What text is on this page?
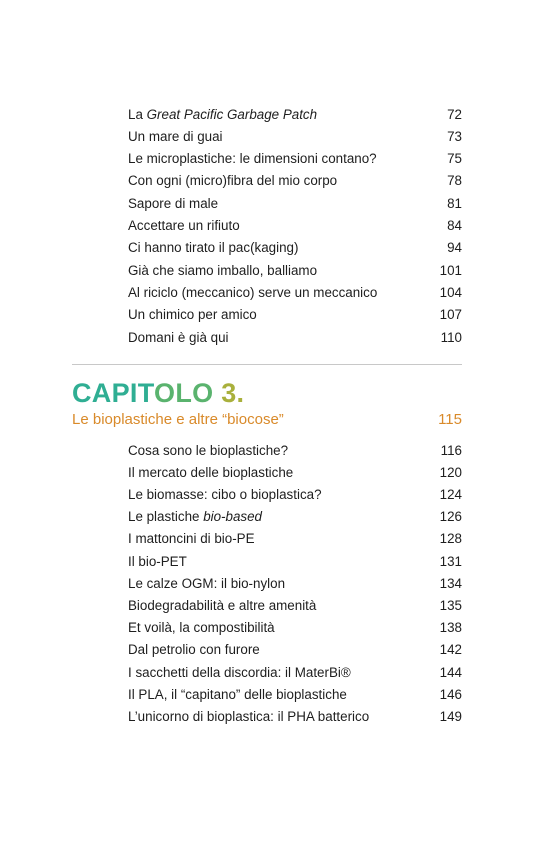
La Great Pacific Garbage Patch	72
Un mare di guai	73
Le microplastiche: le dimensioni contano?	75
Con ogni (micro)fibra del mio corpo	78
Sapore di male	81
Accettare un rifiuto	84
Ci hanno tirato il pac(kaging)	94
Già che siamo imballo, balliamo	101
Al riciclo (meccanico) serve un meccanico	104
Un chimico per amico	107
Domani è già qui	110
CAPITOLO 3.
Le bioplastiche e altre “biocose”	115
Cosa sono le bioplastiche?	116
Il mercato delle bioplastiche	120
Le biomasse: cibo o bioplastica?	124
Le plastiche bio-based	126
I mattoncini di bio-PE	128
Il bio-PET	131
Le calze OGM: il bio-nylon	134
Biodegradabilità e altre amenità	135
Et voilà, la compostibilità	138
Dal petrolio con furore	142
I sacchetti della discordia: il MaterBi®	144
Il PLA, il “capitano” delle bioplastiche	146
L’unicorno di bioplastica: il PHA batterico	149
